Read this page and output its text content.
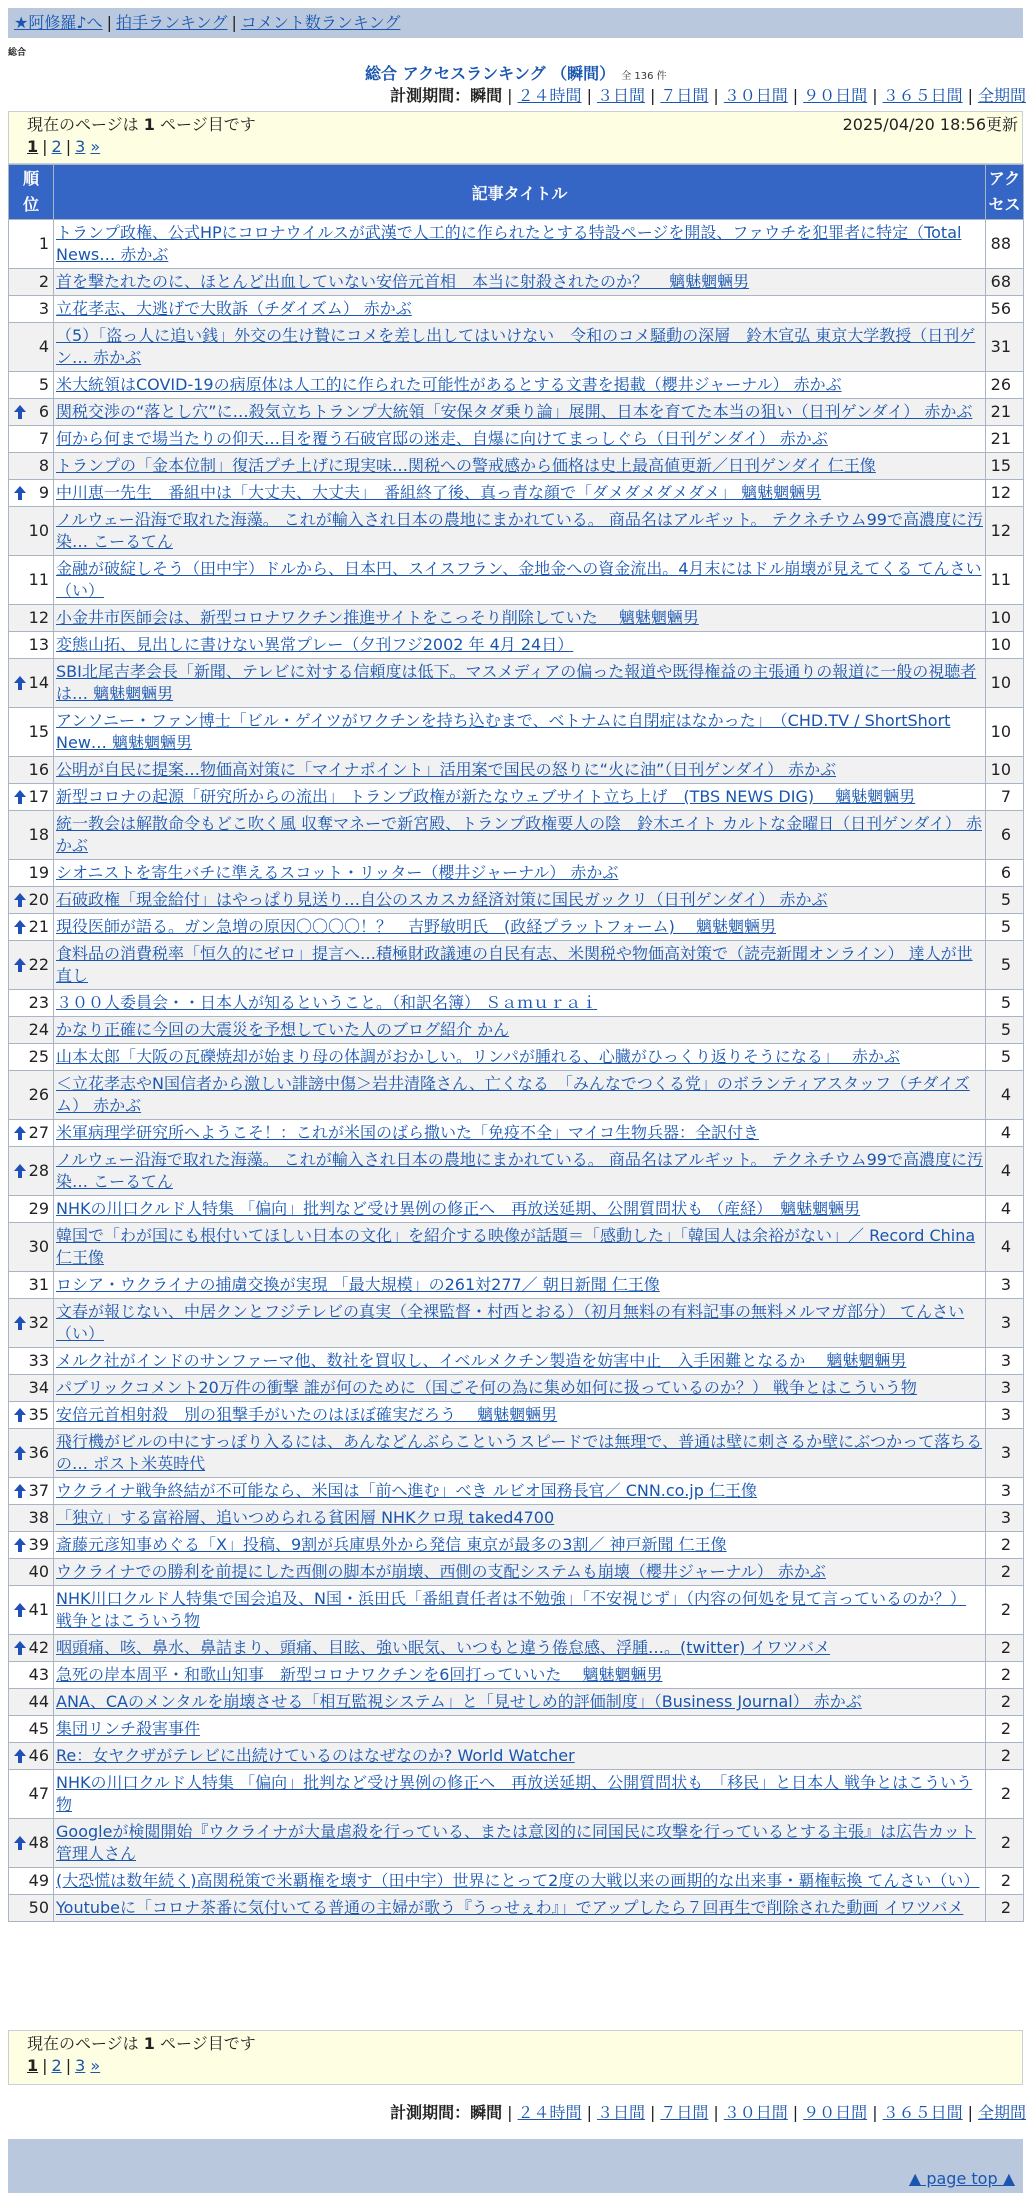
★阿修羅♪へ | 拍手ランキング | コメント数ランキング
総合
総合 アクセスランキング （瞬間） 全 136 件
計測期間：瞬間 | ２４時間 | ３日間 | ７日間 | ３０日間 | ９０日間 | ３６５日間 | 全期間
現在のページは 1 ページ目です	2025/04/20 18:56更新
1 | 2 | 3 »
順位	記事タイトル	アクセス
1	トランプ政権、公式HPにコロナウイルスが武漢で人工的に作られたとする特設ページを開設、ファウチを犯罪者に特定（Total News… 赤かぶ	88
2	首を撃たれたのに、ほとんど出血していない安倍元首相　本当に射殺されたのか？　 魑魅魍魎男	68
3	立花孝志、大逃げで大敗訴（チダイズム） 赤かぶ	56
4	（5）「盗っ人に追い銭」外交の生け贄にコメを差し出してはいけない　令和のコメ騒動の深層　鈴木宣弘 東京大学教授（日刊ゲン… 赤かぶ	31
5	米大統領はCOVID-19の病原体は人工的に作られた可能性があるとする文書を掲載（櫻井ジャーナル） 赤かぶ	26

6	関税交渉の“落とし穴”に…殺気立ちトランプ大統領「安保タダ乗り論」展開、日本を育てた本当の狙い（日刊ゲンダイ） 赤かぶ	21
7	何から何まで場当たりの仰天…目を覆う石破官邸の迷走、自爆に向けてまっしぐら（日刊ゲンダイ） 赤かぶ	21
8	トランプの「金本位制」復活プチ上げに現実味…関税への警戒感から価格は史上最高値更新／日刊ゲンダイ 仁王像	15

9	中川恵一先生　番組中は「大丈夫、大丈夫」　番組終了後、真っ青な顔で「ダメダメダメダメ」 魑魅魍魎男	12
10	ノルウェー沿海で取れた海藻。 これが輸入され日本の農地にまかれている。 商品名はアルギット。 テクネチウム99で高濃度に汚染… こーるてん	12
11	金融が破綻しそう（田中宇）ドルから、日本円、スイスフラン、金地金への資金流出。4月末にはドル崩壊が見えてくる てんさい（い）	11
12	小金井市医師会は、新型コロナワクチン推進サイトをこっそり削除していた　 魑魅魍魎男	10
13	変態山拓、見出しに書けない異常プレー（夕刊フジ2002 年 4月 24日）	10

14	SBI北尾吉孝会長「新聞、テレビに対する信頼度は低下。マスメディアの偏った報道や既得権益の主張通りの報道に一般の視聴者は… 魑魅魍魎男	10
15	アンソニー・ファン博士「ビル・ゲイツがワクチンを持ち込むまで、ベトナムに自閉症はなかった」　（CHD.TV / ShortShort New… 魑魅魍魎男	10
16	公明が自民に提案…物価高対策に「マイナポイント」活用案で国民の怒りに“火に油”（日刊ゲンダイ） 赤かぶ	10

17	新型コロナの起源「研究所からの流出」 トランプ政権が新たなウェブサイト立ち上げ　(TBS NEWS DIG)　 魑魅魍魎男	7
18	統一教会は解散命令もどこ吹く風 収奪マネーで新宮殿、トランプ政権要人の陰　鈴木エイト カルトな金曜日（日刊ゲンダイ） 赤かぶ	6
19	シオニストを寄生バチに準えるスコット・リッター（櫻井ジャーナル） 赤かぶ	6

20	石破政権「現金給付」はやっぱり見送り…自公のスカスカ経済対策に国民ガックリ（日刊ゲンダイ） 赤かぶ	5

21	現役医師が語る。ガン急増の原因〇〇〇〇！？　吉野敏明氏　(政経プラットフォーム)　 魑魅魍魎男	5

22	食料品の消費税率「恒久的にゼロ」提言へ…積極財政議連の自民有志、米関税や物価高対策で（読売新聞オンライン） 達人が世直し	5
23	３００人委員会・・日本人が知るということ。（和訳名簿） Ｓａｍｕｒａｉ	5
24	かなり正確に今回の大震災を予想していた人のブログ紹介 かん	5
25	山本太郎「大阪の瓦礫焼却が始まり母の体調がおかしい。リンパが腫れる、心臓がひっくり返りそうになる」　 赤かぶ	5
26	＜立花孝志やN国信者から激しい誹謗中傷＞岩井清隆さん、亡くなる　「みんなでつくる党」のボランティアスタッフ（チダイズム） 赤かぶ	4

27	米軍病理学研究所へようこそ！：これが米国のばら撒いた「免疫不全」マイコ生物兵器：全訳付き	4

28	ノルウェー沿海で取れた海藻。 これが輸入され日本の農地にまかれている。 商品名はアルギット。 テクネチウム99で高濃度に汚染… こーるてん	4
29	NHKの川口クルド人特集 「偏向」批判など受け異例の修正へ　再放送延期、公開質問状も （産経）　魑魅魍魎男	4
30	韓国で「わが国にも根付いてほしい日本の文化」を紹介する映像が話題＝「感動した」「韓国人は余裕がない」／ Record China 仁王像	4
31	ロシア・ウクライナの捕虜交換が実現 「最大規模」の261対277／ 朝日新聞 仁王像	3

32	文春が報じない、中居クンとフジテレビの真実（全裸監督・村西とおる）（初月無料の有料記事の無料メルマガ部分） てんさい（い）	3
33	メルク社がインドのサンファーマ他、数社を買収し、イベルメクチン製造を妨害中止　入手困難となるか　 魑魅魍魎男	3
34	パブリックコメント20万件の衝撃 誰が何のために（国ごそ何の為に集め如何に扱っているのか？） 戦争とはこういう物	3

35	安倍元首相射殺　別の狙撃手がいたのはほぼ確実だろう　 魑魅魍魎男	3

36	飛行機がビルの中にすっぽり入るには、あんなどんぶらこというスピードでは無理で、普通は壁に刺さるか壁にぶつかって落ちるの… ポスト米英時代	3

37	ウクライナ戦争終結が不可能なら、米国は「前へ進む」べき ルビオ国務長官／ CNN.co.jp 仁王像	3
38	「独立」する富裕層、追いつめられる貧困層 NHKクロ現 taked4700	3

39	斎藤元彦知事めぐる「X」投稿、9割が兵庫県外から発信 東京が最多の3割／ 神戸新聞 仁王像	2
40	ウクライナでの勝利を前提にした西側の脚本が崩壊、西側の支配システムも崩壊（櫻井ジャーナル） 赤かぶ	2

41	NHK川口クルド人特集で国会追及、N国・浜田氏「番組責任者は不勉強」「不安視じず」（内容の何処を見て言っているのか？） 戦争とはこういう物	2

42	咽頭痛、咳、鼻水、鼻詰まり、頭痛、目眩、強い眠気、いつもと違う倦怠感、浮腫…。(twitter) イワツバメ	2
43	急死の岸本周平・和歌山知事　新型コロナワクチンを6回打っていいた　 魑魅魍魎男	2
44	ANA、CAのメンタルを崩壊させる「相互監視システム」と「見せしめ的評価制度」（Business Journal） 赤かぶ	2
45	集団リンチ殺害事件	2

46	Re：女ヤクザがテレビに出続けているのはなぜなのか? World Watcher	2
47	NHKの川口クルド人特集 「偏向」批判など受け異例の修正へ　再放送延期、公開質問状も　「移民」と日本人 戦争とはこういう物	2

48	Googleが検閲開始『ウクライナが大量虐殺を行っている、または意図的に同国民に攻撃を行っているとする主張』は広告カット 管理人さん	2
49	(大恐慌は数年続く)高関税策で米覇権を壊す（田中宇）世界にとって2度の大戦以来の画期的な出来事・覇権転換 てんさい（い）	2
50	Youtubeに「コロナ茶番に気付いてる普通の主婦が歌う『うっせぇわ』」でアップしたら７回再生で削除された動画 イワツバメ	2
現在のページは 1 ページ目です
1 | 2 | 3 »
計測期間：瞬間 | ２４時間 | ３日間 | ７日間 | ３０日間 | ９０日間 | ３６５日間 | 全期間
▲ page top ▲
